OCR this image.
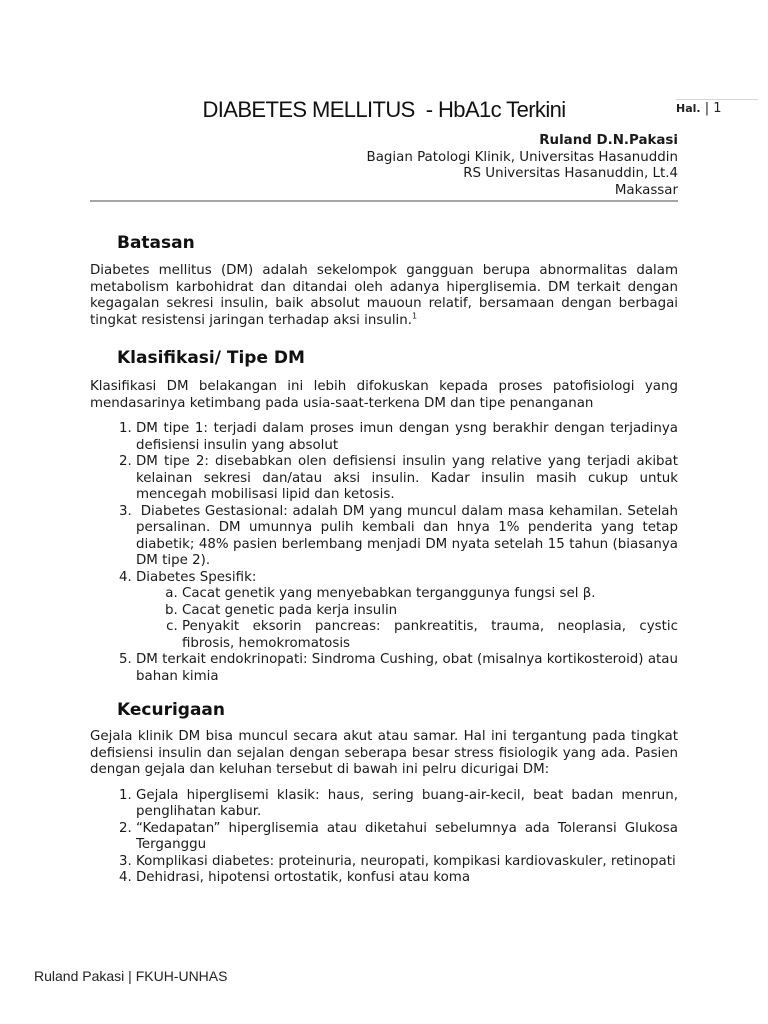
Hal. | 1
DIABETES MELLITUS  - HbA1c Terkini
Ruland D.N.Pakasi
Bagian Patologi Klinik, Universitas Hasanuddin
RS Universitas Hasanuddin, Lt.4
Makassar
Batasan

Diabetes mellitus (DM) adalah sekelompok gangguan berupa abnormalitas dalam metabolism karbohidrat dan ditandai oleh adanya hiperglisemia. DM terkait dengan kegagalan sekresi insulin, baik absolut mauoun relatif, bersamaan dengan berbagai tingkat resistensi jaringan terhadap aksi insulin.$^1$

Klasifikasi/ Tipe DM

Klasifikasi DM belakangan ini lebih difokuskan kepada proses patofisiologi yang mendasarinya ketimbang pada usia-saat-terkena DM dan tipe penanganan

1. DM tipe 1: terjadi dalam proses imun dengan ysng berakhir dengan terjadinya defisiensi insulin yang absolut
2. DM tipe 2: disebabkan olen defisiensi insulin yang relative yang terjadi akibat kelainan sekresi dan/atau aksi insulin. Kadar insulin masih cukup untuk mencegah mobilisasi lipid dan ketosis.
3.  Diabetes Gestasional: adalah DM yang muncul dalam masa kehamilan. Setelah persalinan. DM umunnya pulih kembali dan hnya 1% penderita yang tetap diabetik; 48% pasien berlembang menjadi DM nyata setelah 15 tahun (biasanya DM tipe 2).
4. Diabetes Spesifik:
a. Cacat genetik yang menyebabkan terganggunya fungsi sel β.
b. Cacat genetic pada kerja insulin
c. Penyakit eksorin pancreas: pankreatitis, trauma, neoplasia, cystic fibrosis, hemokromatosis
5. DM terkait endokrinopati: Sindroma Cushing, obat (misalnya kortikosteroid) atau bahan kimia
Kecurigaan

Gejala klinik DM bisa muncul secara akut atau samar. Hal ini tergantung pada tingkat defisiensi insulin dan sejalan dengan seberapa besar stress fisiologik yang ada. Pasien dengan gejala dan keluhan tersebut di bawah ini pelru dicurigai DM:

1. Gejala hiperglisemi klasik: haus, sering buang-air-kecil, beat badan menrun, penglihatan kabur.
2. “Kedapatan” hiperglisemia atau diketahui sebelumnya ada Toleransi Glukosa Terganggu
3. Komplikasi diabetes: proteinuria, neuropati, kompikasi kardiovaskuler, retinopati
4. Dehidrasi, hipotensi ortostatik, konfusi atau koma
Ruland Pakasi | FKUH-UNHAS
